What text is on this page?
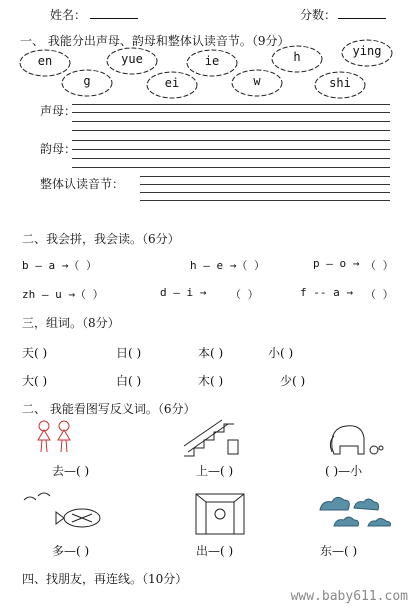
姓名：	分数：
一、 我能分出声母、韵母和整体认读音节。（9分）
en	yue	ie	h	ying
g	ei	w	shi
声母：
韵母：
整体认读音节：
二、我会拼，我会读。（6分）
b — a →（ ）	h — e →（ ）	p — o → （ ）
zh — u →（ ）	d — i → （ ）	f -- a → （ ）
三，组词。（8分）
天( )	日( )	本( )	小( )
大( )	白( )	木( )	少( )
二、 我能看图写反义词。（6分）
去—( )	上—( )	( )—小
多—( )	出—( )	东—( )
四、找朋友，再连线。（10分）
www.baby611.com
